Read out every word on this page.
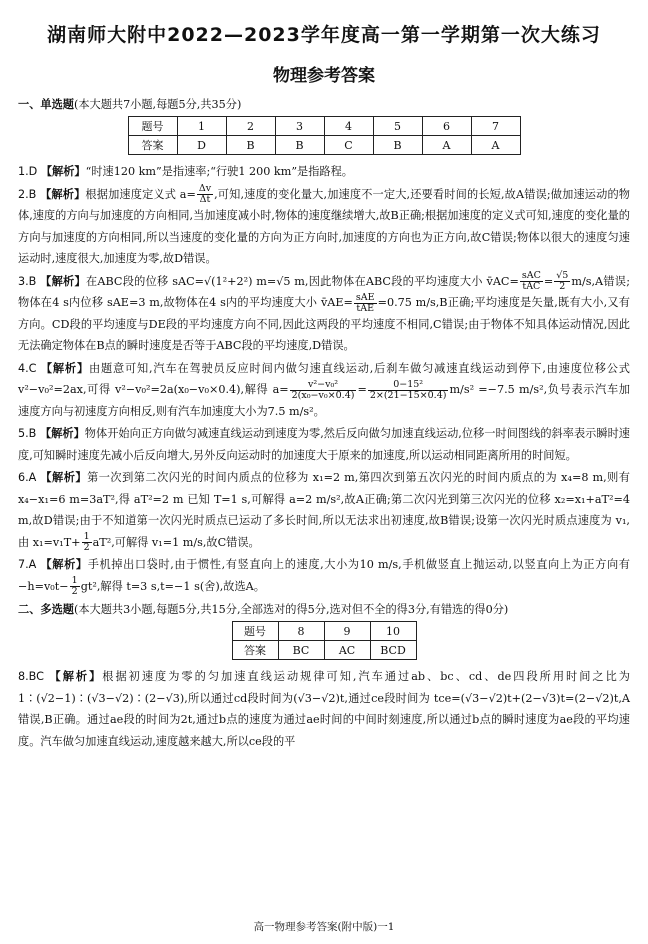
湖南师大附中2022—2023学年度高一第一学期第一次大练习
物理参考答案
一、单选题(本大题共7小题,每题5分,共35分)
题号	1	2	3	4	5	6	7
答案	D	B	B	C	B	A	A
1.D 【解析】“时速120 km”是指速率;“行驶1 200 km”是指路程。
2.B 【解析】根据加速度定义式 $a= \frac{\Delta v}{\Delta t}$ ,可知,速度的变化量大,加速度不一定大,还要看时间的长短,故A错误;做加速运动的物体,速度的方向与加速度的方向相同,当加速度减小时,物体的速度继续增大,故B正确;根据加速度的定义式可知,速度的变化量的方向与加速度的方向相同,所以当速度的变化量的方向为正方向时,加速度的方向也为正方向,故C错误;物体以很大的速度匀速运动时,速度很大,加速度为零,故D错误。
3.B 【解析】在ABC段的位移 sAC=√(1²+2²) m=√5 m,因此物体在ABC段的平均速度大小 v̄AC= $\frac{\text{sAC}}{\text{tAC}} = \frac{√5}{2} m/s,A$错误;物体在4 s内位移 sAE=3 m,故物体在4 s内的平均速度大小 v̄AE= $\frac{\text{sAE}}{\text{tAE}} =0.75$ m/s,B正确;平均速度是矢量,既有大小,又有方向。CD段的平均速度与DE段的平均速度方向不同,因此这两段的平均速度不相同,C错误;由于物体不知具体运动情况,因此无法确定物体在B点的瞬时速度是否等于ABC段的平均速度,D错误。
4.C 【解析】由题意可知,汽车在驾驶员反应时间内做匀速直线运动,后刹车做匀减速直线运动到停下,由速度位移公式 v²−v₀²=2ax,可得 v²−v₀²=2a(x₀−v₀×0.4),解得 $a= \frac{\text{v²−v₀²}}{\text{2(x₀−v₀×0.4)}} = \frac{\text{0−15²}}{2\times(21-15\times 0.4)} m/s^2 =-7.5$ m/s²,负号表示汽车加速度方向与初速度方向相反,则有汽车加速度大小为7.5 m/s²。
5.B 【解析】物体开始向正方向做匀减速直线运动到速度为零,然后反向做匀加速直线运动,位移一时间图线的斜率表示瞬时速度,可知瞬时速度先减小后反向增大,另外反向运动时的加速度大于原来的加速度,所以运动相同距离所用的时间短。
6.A 【解析】第一次到第二次闪光的时间内质点的位移为 x₁=2 m,第四次到第五次闪光的时间内质点的为 x₄=8 m,则有 x₄−x₁=6 m=3aT²,得 aT²=2 m 已知 T=1 s,可解得 a=2 m/s²,故A正确;第二次闪光到第三次闪光的位移 x₂=x₁+aT²=4 m,故D错误;由于不知道第一次闪光时质点已运动了多长时间,所以无法求出初速度,故B错误;设第一次闪光时质点速度为 v₁,由 $x_1=v_1T+ \frac{1}{2} aT^2$,可解得 v₁=1 m/s,故C错误。
7.A 【解析】手机掉出口袋时,由于惯性,有竖直向上的速度,大小为10 m/s,手机做竖直上抛运动,以竖直向上为正方向有 $-h=v_0t- \frac{1}{2} gt^2$,解得 t=3 s,t=−1 s(舍),故选A。
二、多选题(本大题共3小题,每题5分,共15分,全部选对的得5分,选对但不全的得3分,有错选的得0分)
题号	8	9	10
答案	BC	AC	BCD
8.BC 【解析】根据初速度为零的匀加速直线运动规律可知,汽车通过ab、bc、cd、de四段所用时间之比为1∶(√2−1)∶(√3−√2)∶(2−√3),所以通过cd段时间为(√3−√2)t,通过ce段时间为 tce=(√3−√2)t+(2−√3)t=(2−√2)t,A错误,B正确。通过ae段的时间为2t,通过b点的速度为通过ae时间的中间时刻速度,所以通过b点的瞬时速度为ae段的平均速度。汽车做匀加速直线运动,速度越来越大,所以ce段的平
高一物理参考答案(附中版)一1
